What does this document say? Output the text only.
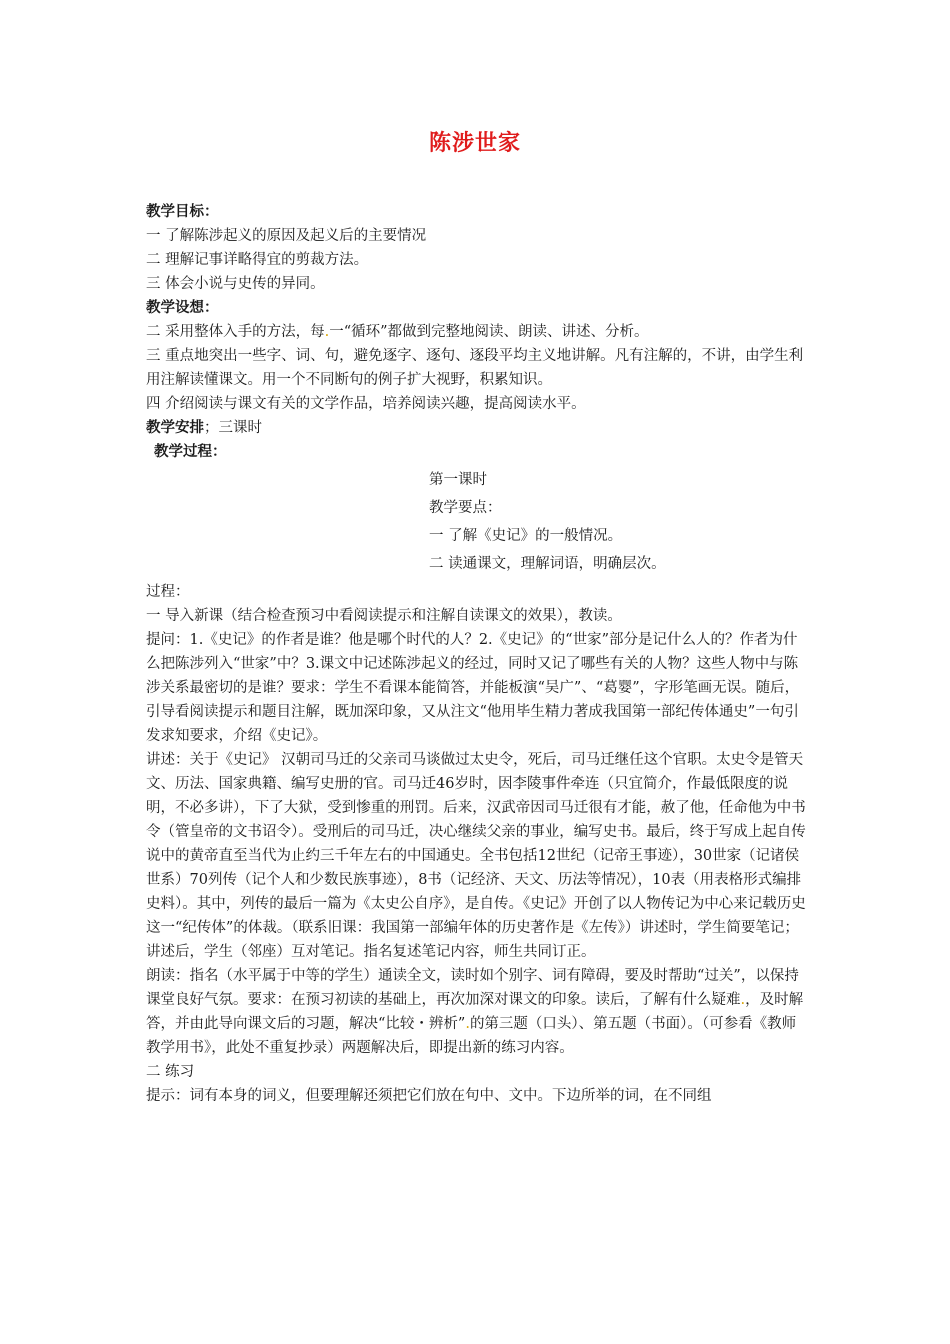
陈涉世家

教学目标：

一 了解陈涉起义的原因及起义后的主要情况

二 理解记事详略得宜的剪裁方法。

三 体会小说与史传的异同。

教学设想：

二 采用整体入手的方法，每.一“循环”都做到完整地阅读、朗读、讲述、分析。

三 重点地突出一些字、词、句，避免逐字、逐句、逐段平均主义地讲解。凡有注解的，不讲，由学生利用注解读懂课文。用一个不同断句的例子扩大视野，积累知识。

四 介绍阅读与课文有关的文学作品，培养阅读兴趣，提高阅读水平。

教学安排；三课时

教学过程：

第一课时

教学要点：

一 了解《史记》的一般情况。

二 读通课文，理解词语，明确层次。

过程：

一 导入新课（结合检查预习中看阅读提示和注解自读课文的效果），教读。

提问：1.《史记》的作者是谁？他是哪个时代的人？2.《史记》的“世家”部分是记什么人的？作者为什么把陈涉列入“世家”中？3.课文中记述陈涉起义的经过，同时又记了哪些有关的人物？这些人物中与陈涉关系最密切的是谁？要求：学生不看课本能简答，并能板演“吴广”、“葛婴”，字形笔画无误。随后，引导看阅读提示和题目注解，既加深印象，又从注文“他用毕生精力著成我国第一部纪传体通史”一句引发求知要求，介绍《史记》。

讲述：关于《史记》 汉朝司马迁的父亲司马谈做过太史令，死后，司马迁继任这个官职。太史令是管天文、历法、国家典籍、编写史册的官。司马迁46岁时，因李陵事件牵连（只宜简介，作最低限度的说明，不必多讲），下了大狱，受到惨重的刑罚。后来，汉武帝因司马迁很有才能，赦了他，任命他为中书令（管皇帝的文书诏令）。受刑后的司马迁，决心继续父亲的事业，编写史书。最后，终于写成上起自传说中的黄帝直至当代为止约三千年左右的中国通史。全书包括12世纪（记帝王事迹），30世家（记诸侯世系）70列传（记个人和少数民族事迹），8书（记经济、天文、历法等情况），10表（用表格形式编排史料）。其中，列传的最后一篇为《太史公自序》，是自传。《史记》开创了以人物传记为中心来记载历史这一“纪传体”的体裁。（联系旧课：我国第一部编年体的历史著作是《左传》）讲述时，学生简要笔记；讲述后，学生（邻座）互对笔记。指名复述笔记内容，师生共同订正。

朗读：指名（水平属于中等的学生）通读全文，读时如个别字、词有障碍，要及时帮助“过关”，以保持课堂良好气氛。要求：在预习初读的基础上，再次加深对课文的印象。读后，了解有什么疑难.，及时解答，并由此导向课文后的习题，解决“比较・辨析”.的第三题（口头）、第五题（书面）。（可参看《教师教学用书》，此处不重复抄录）两题解决后，即提出新的练习内容。

二 练习

提示：词有本身的词义，但要理解还须把它们放在句中、文中。下边所举的词，在不同组
